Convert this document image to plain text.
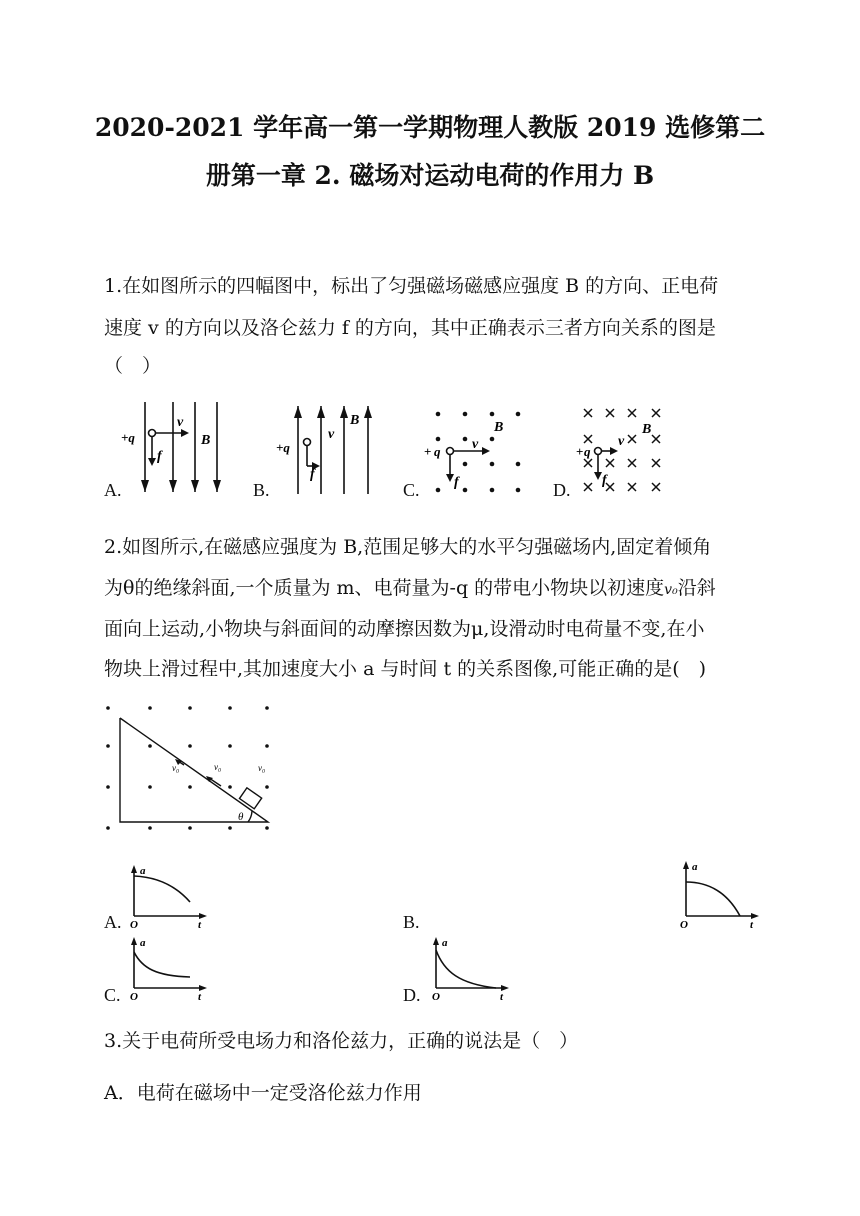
2020-2021 学年高一第一学期物理人教版 2019 选修第二
册第一章 2. 磁场对运动电荷的作用力 B
1.在如图所示的四幅图中，标出了匀强磁场磁感应强度 B 的方向、正电荷
速度 v 的方向以及洛仑兹力 f 的方向，其中正确表示三者方向关系的图是
（　）
+q
v
f
B
A.
+q
v
f
B
B.
+ q v
f
B
C.
+ q
v
f
B
D.
2.如图所示,在磁感应强度为 B,范围足够大的水平匀强磁场内,固定着倾角
为θ的绝缘斜面,一个质量为 m、电荷量为-q 的带电小物块以初速度v₀沿斜
面向上运动,小物块与斜面间的动摩擦因数为μ,设滑动时电荷量不变,在小
物块上滑过程中,其加速度大小 a 与时间 t 的关系图像,可能正确的是(　)
v₀	v₀	v₀
θ
a
O	t
A.
a
O	t
B.
a
O	t
C.
a
O	t
D.
3.关于电荷所受电场力和洛伦兹力，正确的说法是（　）
A．电荷在磁场中一定受洛伦兹力作用
